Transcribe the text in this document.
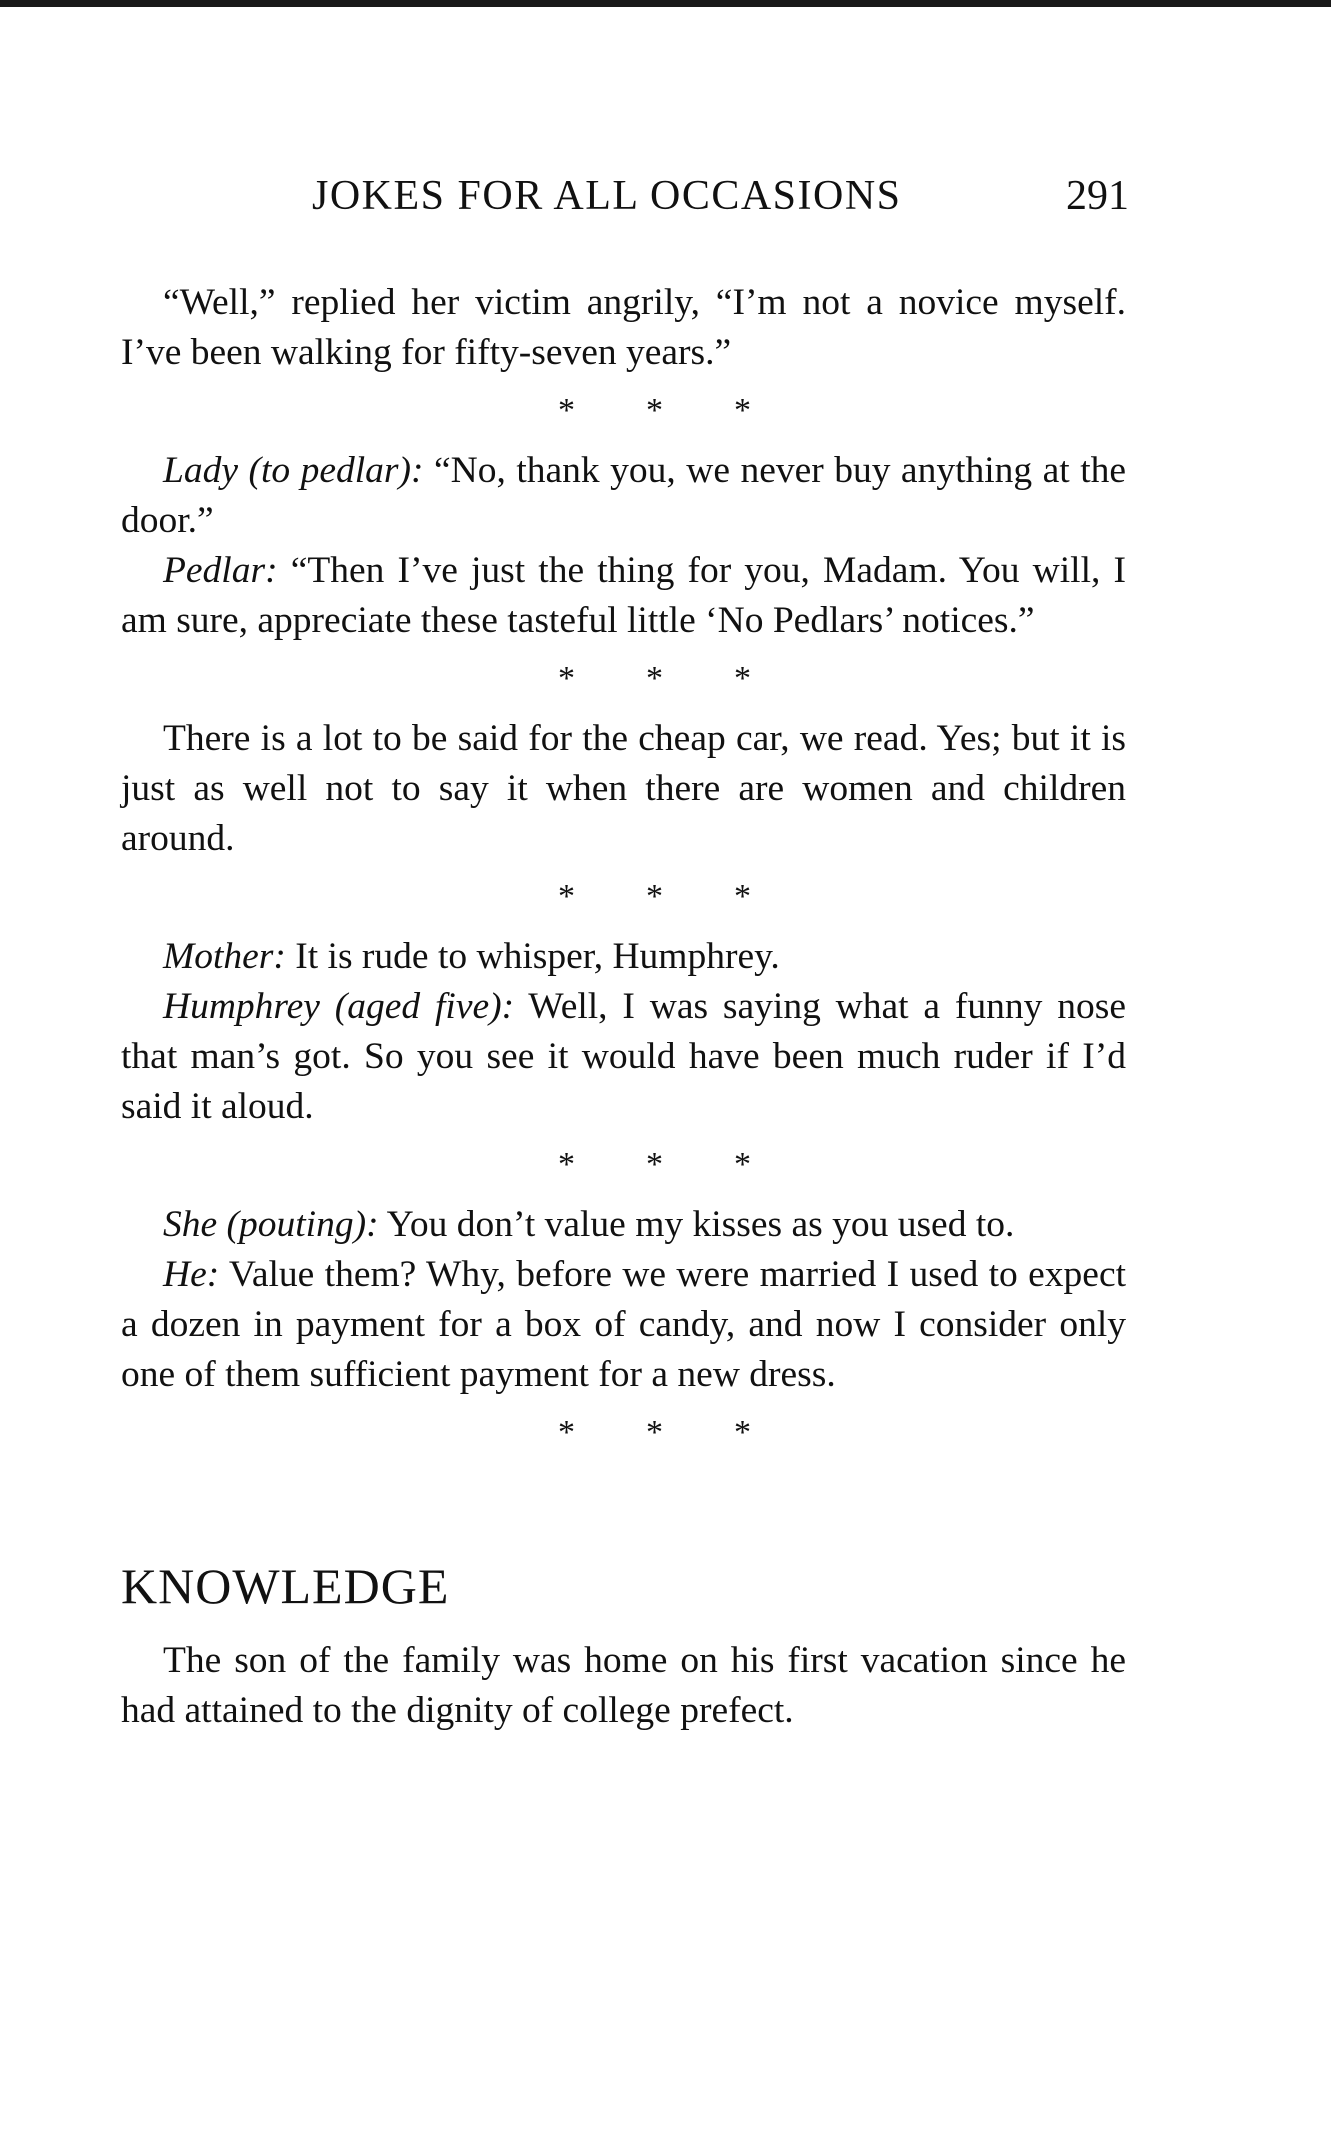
JOKES FOR ALL OCCASIONS	291

“Well,” replied her victim angrily, “I’m not a novice myself. I’ve been walking for fifty-seven years.”

* * *

Lady (to pedlar): “No, thank you, we never buy anything at the door.”

Pedlar: “Then I’ve just the thing for you, Madam. You will, I am sure, appreciate these tasteful little ‘No Pedlars’ notices.”

* * *

There is a lot to be said for the cheap car, we read. Yes; but it is just as well not to say it when there are women and children around.

* * *

Mother: It is rude to whisper, Humphrey.

Humphrey (aged five): Well, I was saying what a funny nose that man’s got. So you see it would have been much ruder if I’d said it aloud.

* * *

She (pouting): You don’t value my kisses as you used to.

He: Value them? Why, before we were married I used to expect a dozen in payment for a box of candy, and now I consider only one of them sufficient payment for a new dress.

* * *
KNOWLEDGE

The son of the family was home on his first vacation since he had attained to the dignity of college prefect.
